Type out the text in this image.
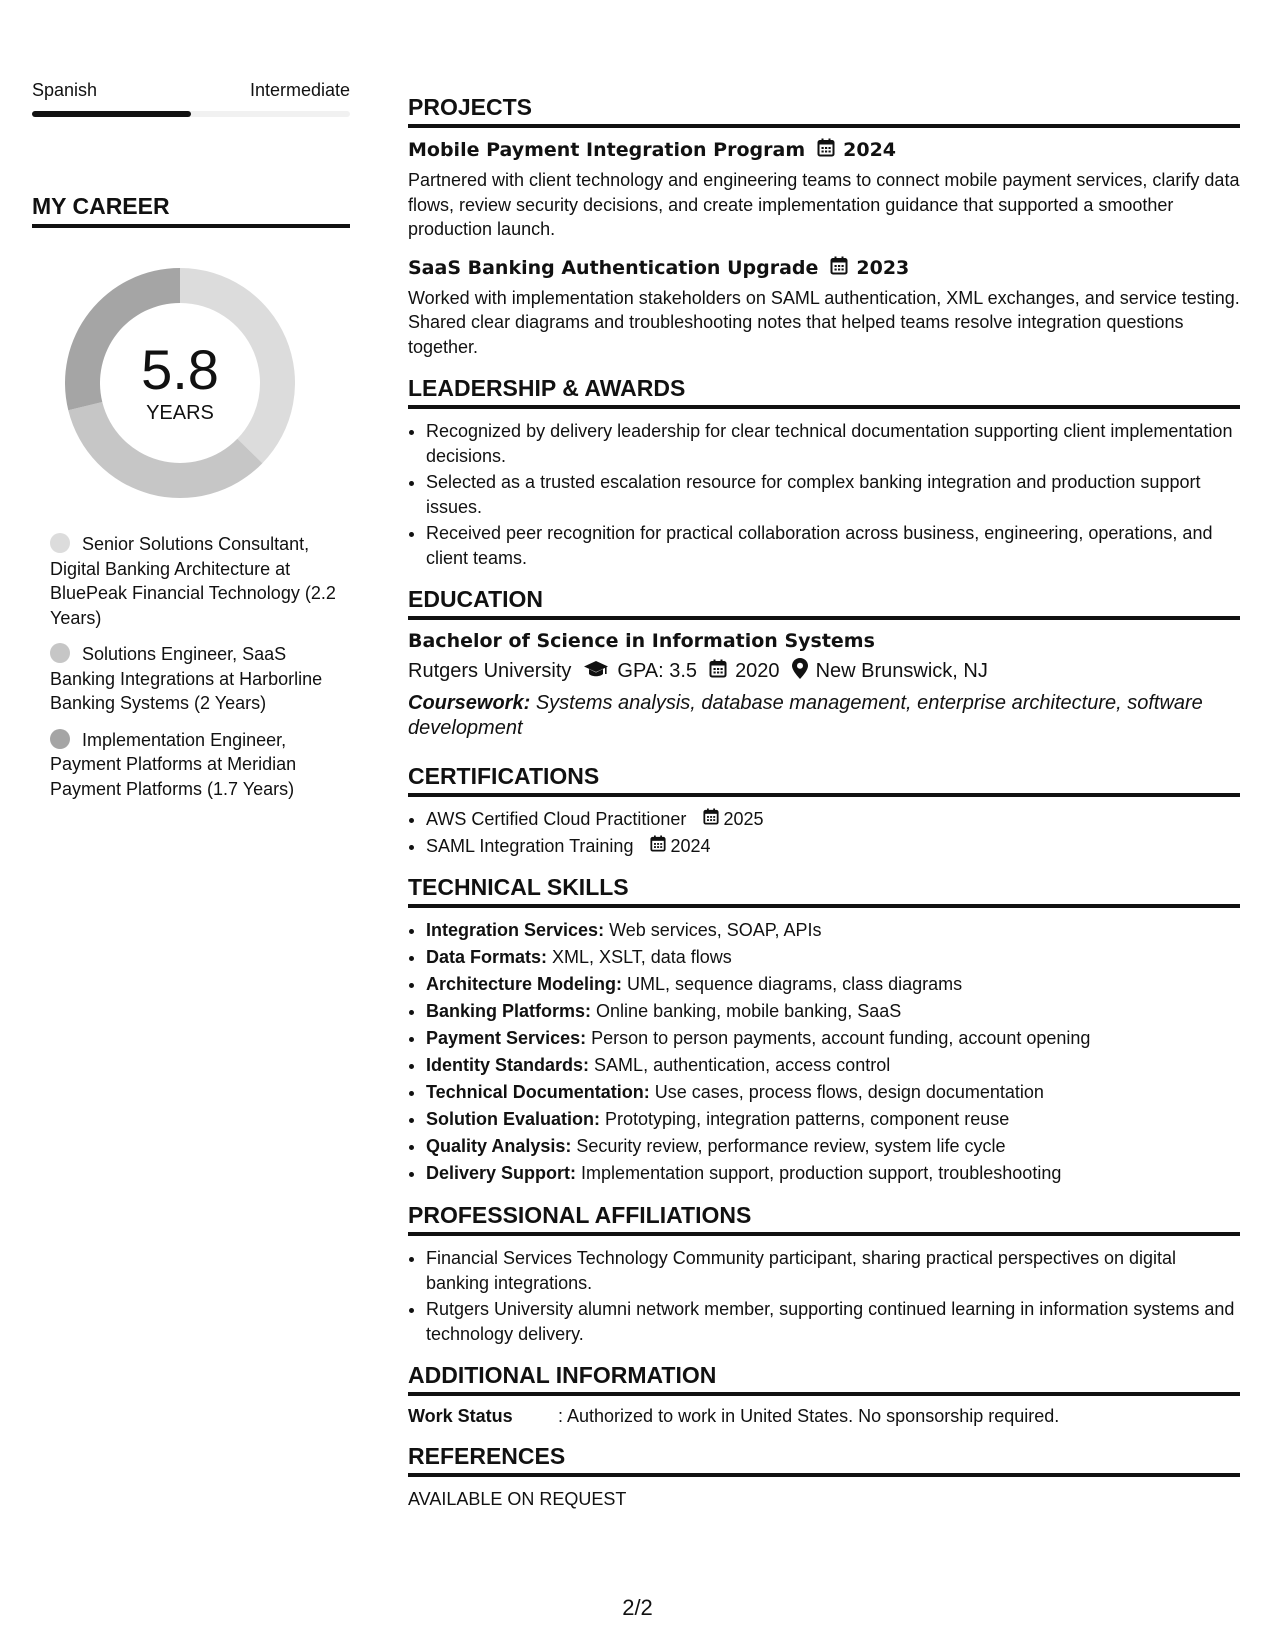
Spanish	Intermediate
MY CAREER
5.8
YEARS
Senior Solutions Consultant, Digital Banking Architecture at BluePeak Financial Technology (2.2 Years)
Solutions Engineer, SaaS Banking Integrations at Harborline Banking Systems (2 Years)
Implementation Engineer, Payment Platforms at Meridian Payment Platforms (1.7 Years)
PROJECTS
Mobile Payment Integration Program 2024
Partnered with client technology and engineering teams to connect mobile payment services, clarify data flows, review security decisions, and create implementation guidance that supported a smoother production launch.
SaaS Banking Authentication Upgrade 2023
Worked with implementation stakeholders on SAML authentication, XML exchanges, and service testing. Shared clear diagrams and troubleshooting notes that helped teams resolve integration questions together.
LEADERSHIP & AWARDS
• Recognized by delivery leadership for clear technical documentation supporting client implementation decisions.
• Selected as a trusted escalation resource for complex banking integration and production support issues.
• Received peer recognition for practical collaboration across business, engineering, operations, and client teams.
EDUCATION
Bachelor of Science in Information Systems
Rutgers University GPA: 3.5 2020 New Brunswick, NJ
Coursework: Systems analysis, database management, enterprise architecture, software development
CERTIFICATIONS
• AWS Certified Cloud Practitioner 2025
• SAML Integration Training 2024
TECHNICAL SKILLS
• Integration Services: Web services, SOAP, APIs
• Data Formats: XML, XSLT, data flows
• Architecture Modeling: UML, sequence diagrams, class diagrams
• Banking Platforms: Online banking, mobile banking, SaaS
• Payment Services: Person to person payments, account funding, account opening
• Identity Standards: SAML, authentication, access control
• Technical Documentation: Use cases, process flows, design documentation
• Solution Evaluation: Prototyping, integration patterns, component reuse
• Quality Analysis: Security review, performance review, system life cycle
• Delivery Support: Implementation support, production support, troubleshooting
PROFESSIONAL AFFILIATIONS
• Financial Services Technology Community participant, sharing practical perspectives on digital banking integrations.
• Rutgers University alumni network member, supporting continued learning in information systems and technology delivery.
ADDITIONAL INFORMATION
Work Status	: Authorized to work in United States. No sponsorship required.
REFERENCES
AVAILABLE ON REQUEST
2/2
